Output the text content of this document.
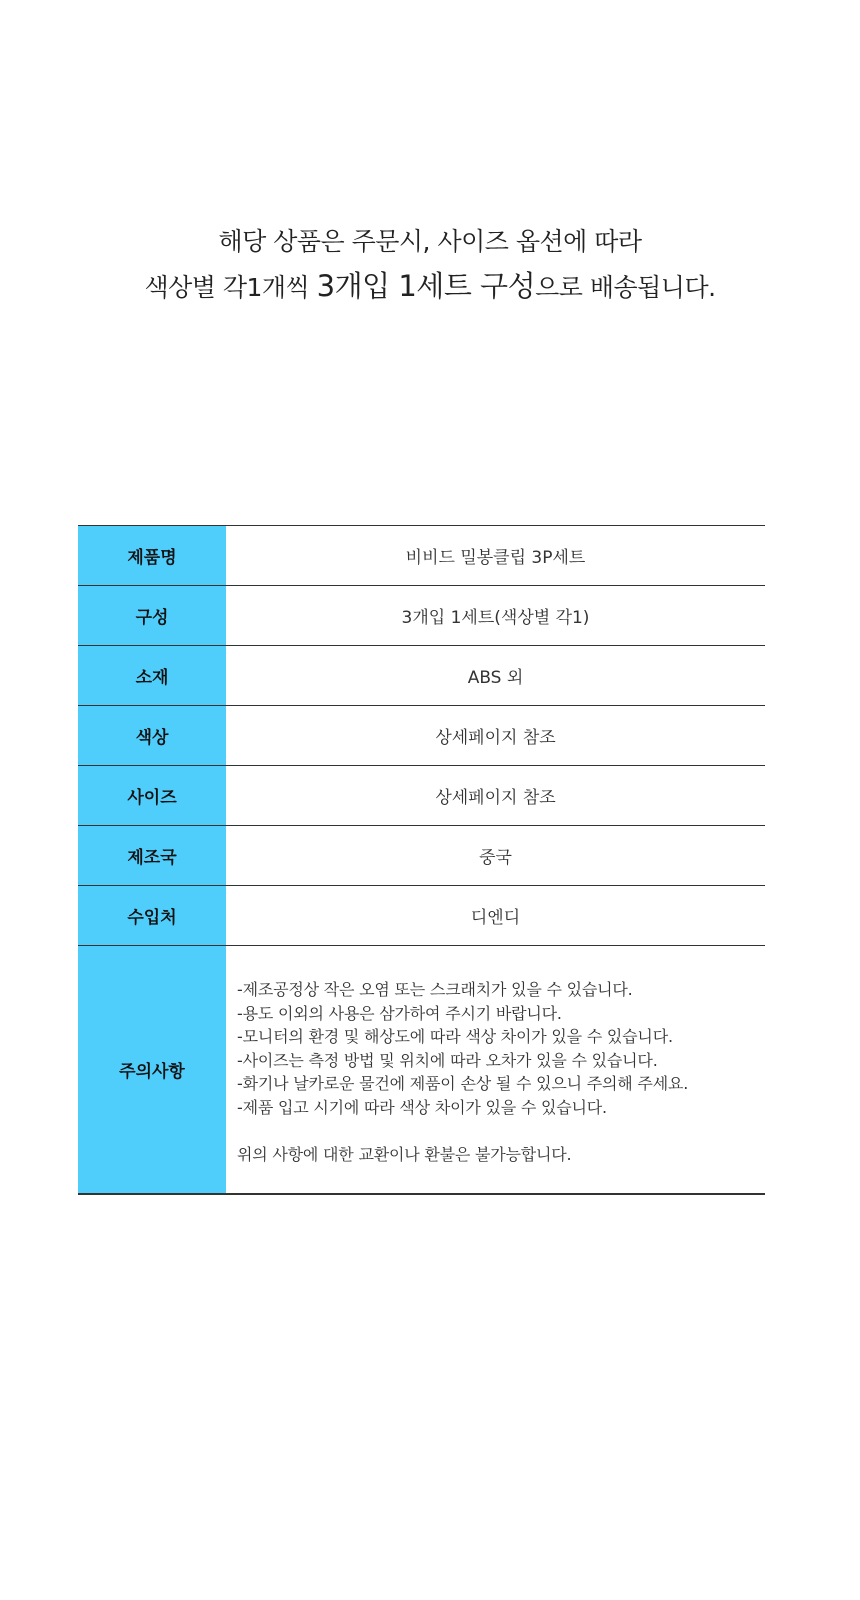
해당 상품은 주문시, 사이즈 옵션에 따라
색상별 각1개씩 3개입 1세트 구성으로 배송됩니다.
제품명	비비드 밀봉클립 3P세트
구성	3개입 1세트(색상별 각1)
소재	ABS 외
색상	상세페이지 참조
사이즈	상세페이지 참조
제조국	중국
수입처	디엔디
주의사항
-제조공정상 작은 오염 또는 스크래치가 있을 수 있습니다.
-용도 이외의 사용은 삼가하여 주시기 바랍니다.
-모니터의 환경 및 해상도에 따라 색상 차이가 있을 수 있습니다.
-사이즈는 측정 방법 및 위치에 따라 오차가 있을 수 있습니다.
-화기나 날카로운 물건에 제품이 손상 될 수 있으니 주의해 주세요.
-제품 입고 시기에 따라 색상 차이가 있을 수 있습니다.
위의 사항에 대한 교환이나 환불은 불가능합니다.
